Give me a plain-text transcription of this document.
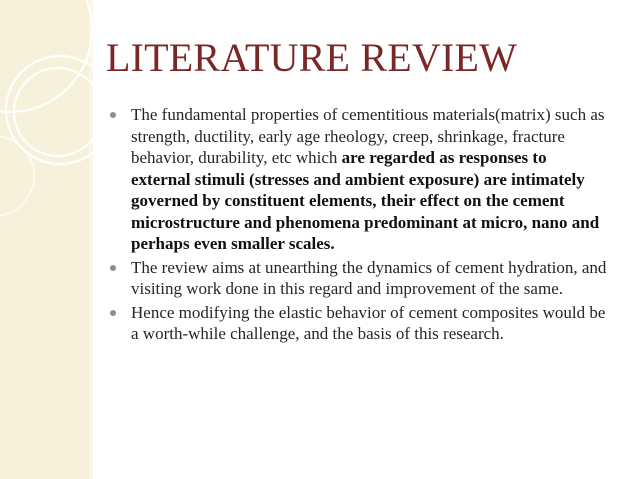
LITERATURE REVIEW
The fundamental properties of cementitious materials(matrix) such as strength, ductility, early age rheology, creep, shrinkage, fracture behavior, durability, etc which are regarded as responses to external stimuli (stresses and ambient exposure) are intimately governed by constituent elements, their effect on the cement microstructure and phenomena predominant at micro, nano and perhaps even smaller scales.
The review aims at unearthing the dynamics of cement hydration, and visiting work done in this regard and improvement of the same.
Hence modifying the elastic behavior of cement composites would be a worth-while challenge, and the basis of this research.
